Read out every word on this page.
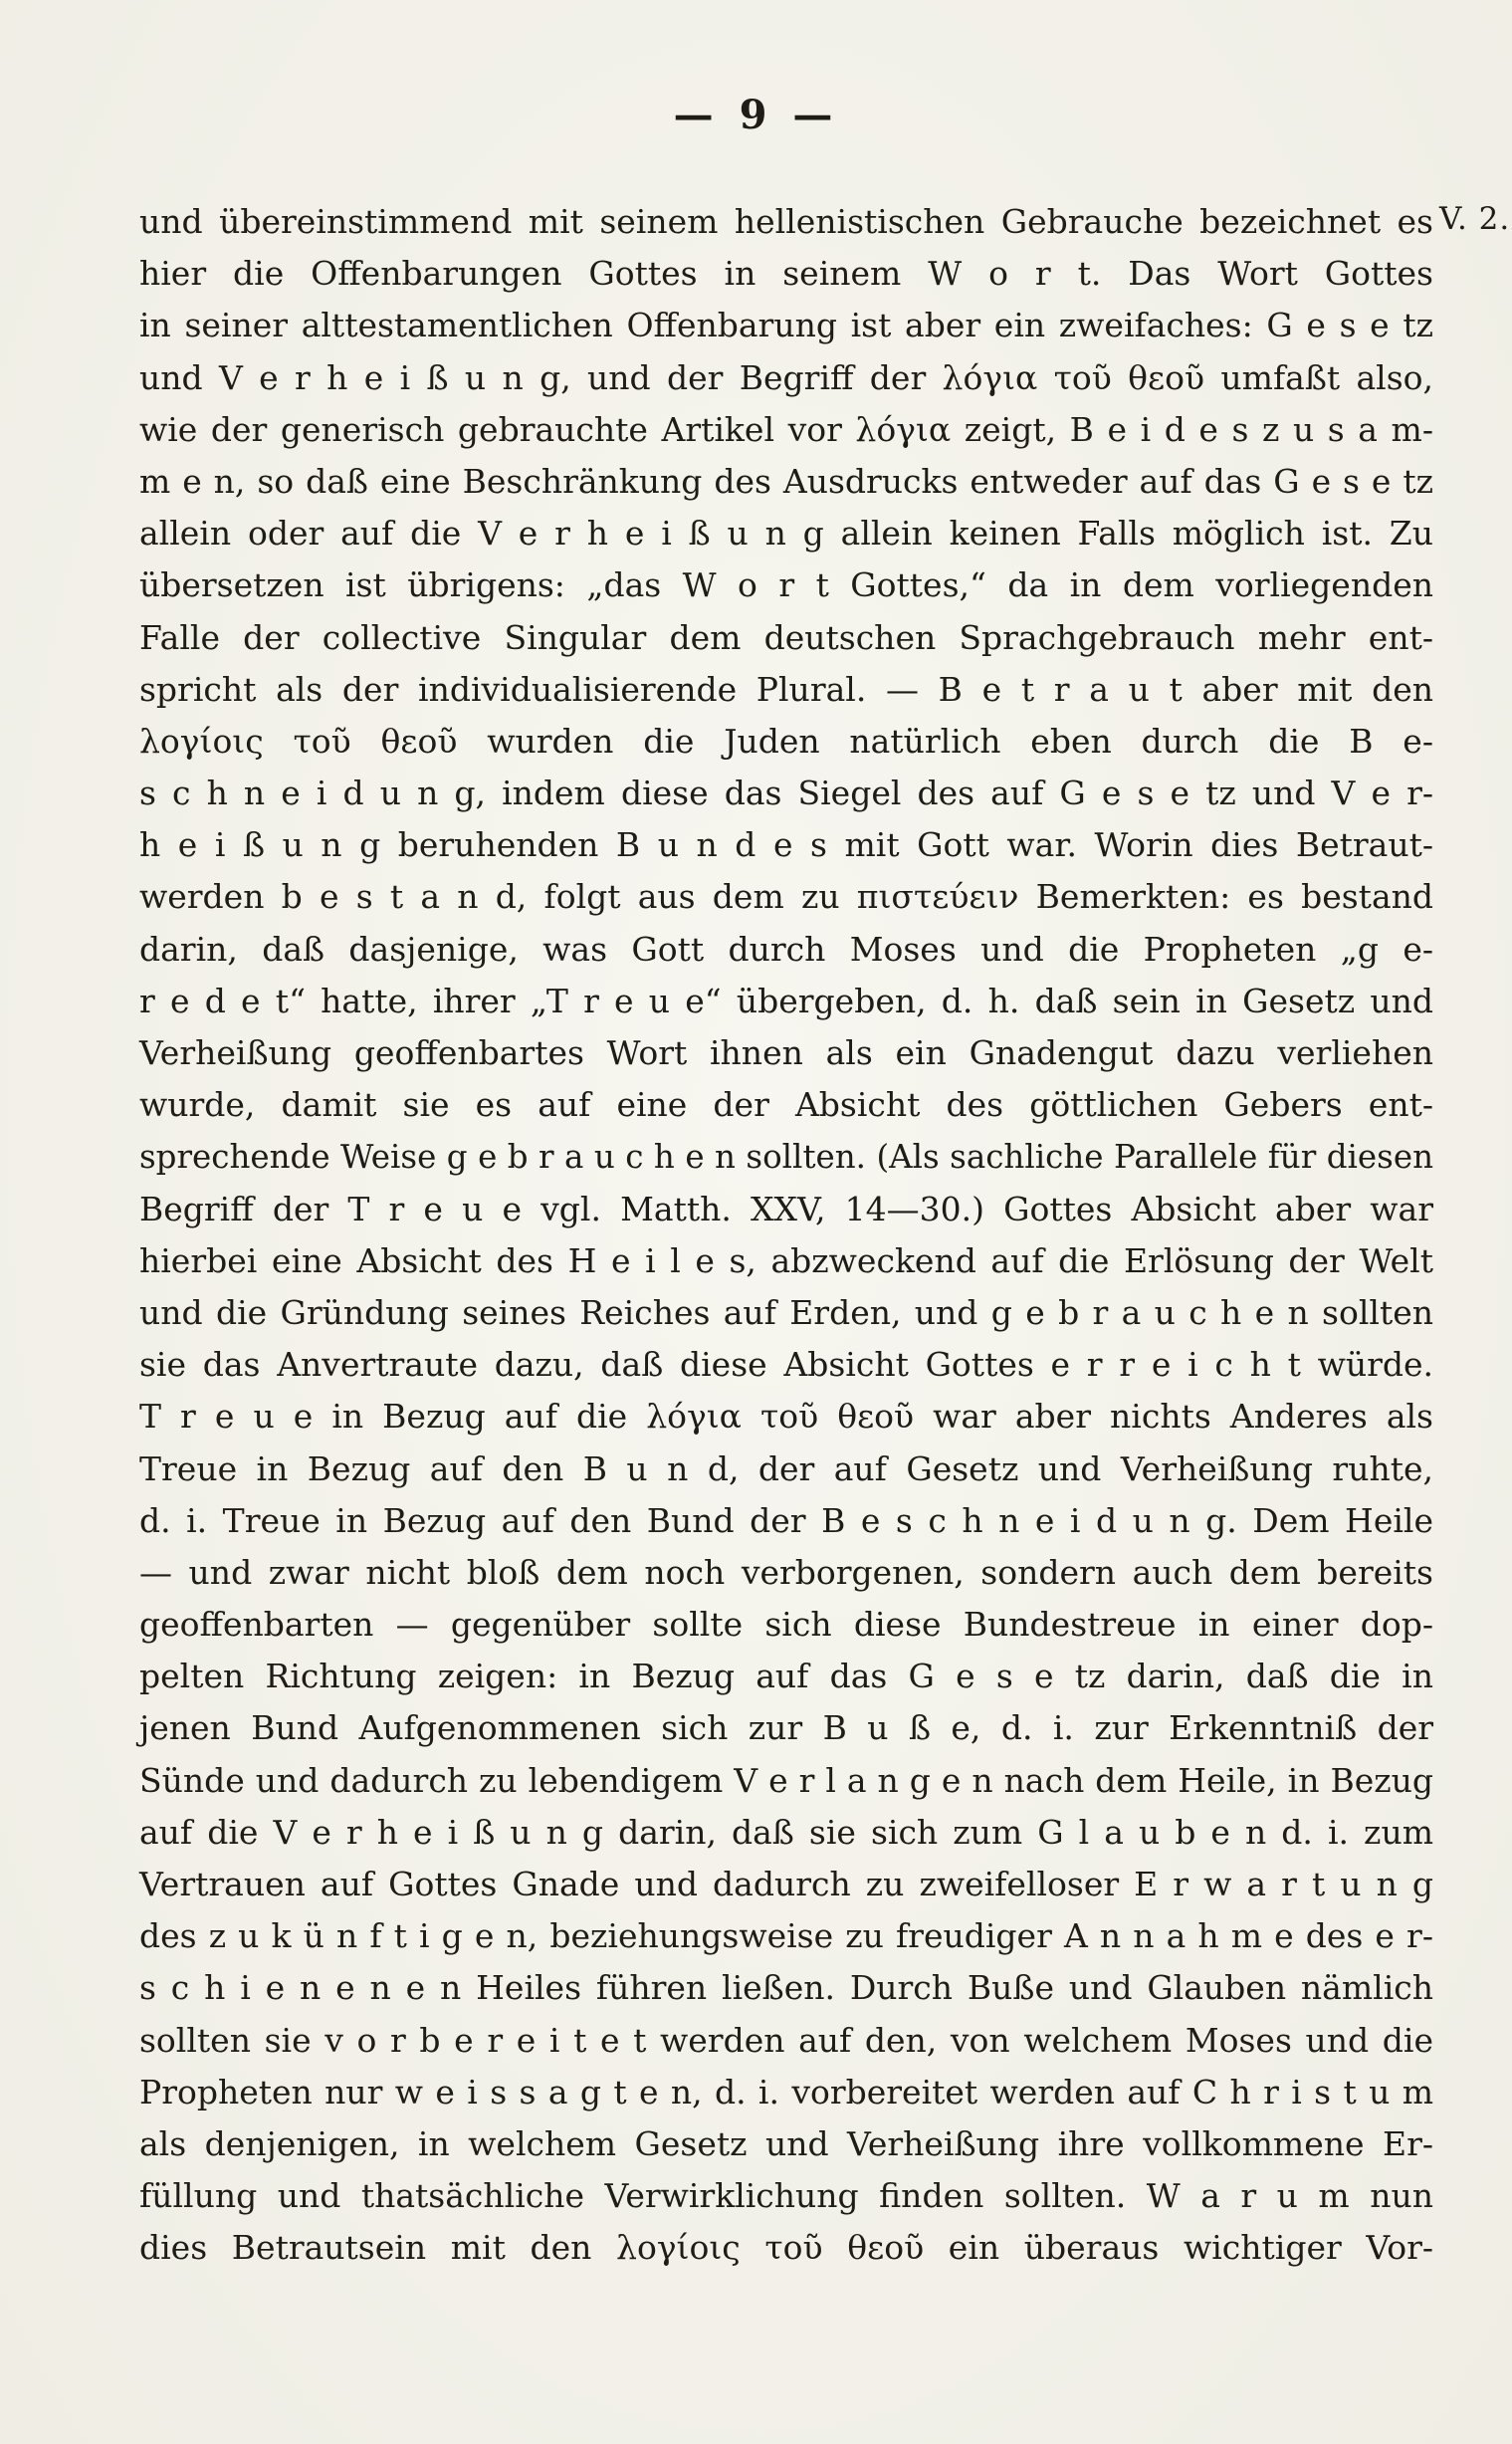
— 9 —
V. 2.
und übereinstimmend mit seinem hellenistischen Gebrauche bezeichnet es
hier die Offenbarungen Gottes in seinem W o r t. Das Wort Gottes
in seiner alttestamentlichen Offenbarung ist aber ein zweifaches: G e s e tz
und V e r h e i ß u n g, und der Begriff der λόγια τοῦ θεοῦ umfaßt also,
wie der generisch gebrauchte Artikel vor λόγια zeigt, B e i d e s z u s a m-
m e n, so daß eine Beschränkung des Ausdrucks entweder auf das G e s e tz
allein oder auf die V e r h e i ß u n g allein keinen Falls möglich ist. Zu
übersetzen ist übrigens: „das W o r t Gottes,“ da in dem vorliegenden
Falle der collective Singular dem deutschen Sprachgebrauch mehr ent-
spricht als der individualisierende Plural. — B e t r a u t aber mit den
λογίοις τοῦ θεοῦ wurden die Juden natürlich eben durch die B e-
s c h n e i d u n g, indem diese das Siegel des auf G e s e tz und V e r-
h e i ß u n g beruhenden B u n d e s mit Gott war. Worin dies Betraut-
werden b e s t a n d, folgt aus dem zu πιστεύειν Bemerkten: es bestand
darin, daß dasjenige, was Gott durch Moses und die Propheten „g e-
r e d e t“ hatte, ihrer „T r e u e“ übergeben, d. h. daß sein in Gesetz und
Verheißung geoffenbartes Wort ihnen als ein Gnadengut dazu verliehen
wurde, damit sie es auf eine der Absicht des göttlichen Gebers ent-
sprechende Weise g e b r a u c h e n sollten. (Als sachliche Parallele für diesen
Begriff der T r e u e vgl. Matth. XXV, 14—30.) Gottes Absicht aber war
hierbei eine Absicht des H e i l e s, abzweckend auf die Erlösung der Welt
und die Gründung seines Reiches auf Erden, und g e b r a u c h e n sollten
sie das Anvertraute dazu, daß diese Absicht Gottes e r r e i c h t würde.
T r e u e in Bezug auf die λόγια τοῦ θεοῦ war aber nichts Anderes als
Treue in Bezug auf den B u n d, der auf Gesetz und Verheißung ruhte,
d. i. Treue in Bezug auf den Bund der B e s c h n e i d u n g. Dem Heile
— und zwar nicht bloß dem noch verborgenen, sondern auch dem bereits
geoffenbarten — gegenüber sollte sich diese Bundestreue in einer dop-
pelten Richtung zeigen: in Bezug auf das G e s e tz darin, daß die in
jenen Bund Aufgenommenen sich zur B u ß e, d. i. zur Erkenntniß der
Sünde und dadurch zu lebendigem V e r l a n g e n nach dem Heile, in Bezug
auf die V e r h e i ß u n g darin, daß sie sich zum G l a u b e n d. i. zum
Vertrauen auf Gottes Gnade und dadurch zu zweifelloser E r w a r t u n g
des z u k ü n f t i g e n, beziehungsweise zu freudiger A n n a h m e des e r-
s c h i e n e n e n Heiles führen ließen. Durch Buße und Glauben nämlich
sollten sie v o r b e r e i t e t werden auf den, von welchem Moses und die
Propheten nur w e i s s a g t e n, d. i. vorbereitet werden auf C h r i s t u m
als denjenigen, in welchem Gesetz und Verheißung ihre vollkommene Er-
füllung und thatsächliche Verwirklichung finden sollten. W a r u m nun
dies Betrautsein mit den λογίοις τοῦ θεοῦ ein überaus wichtiger Vor-
